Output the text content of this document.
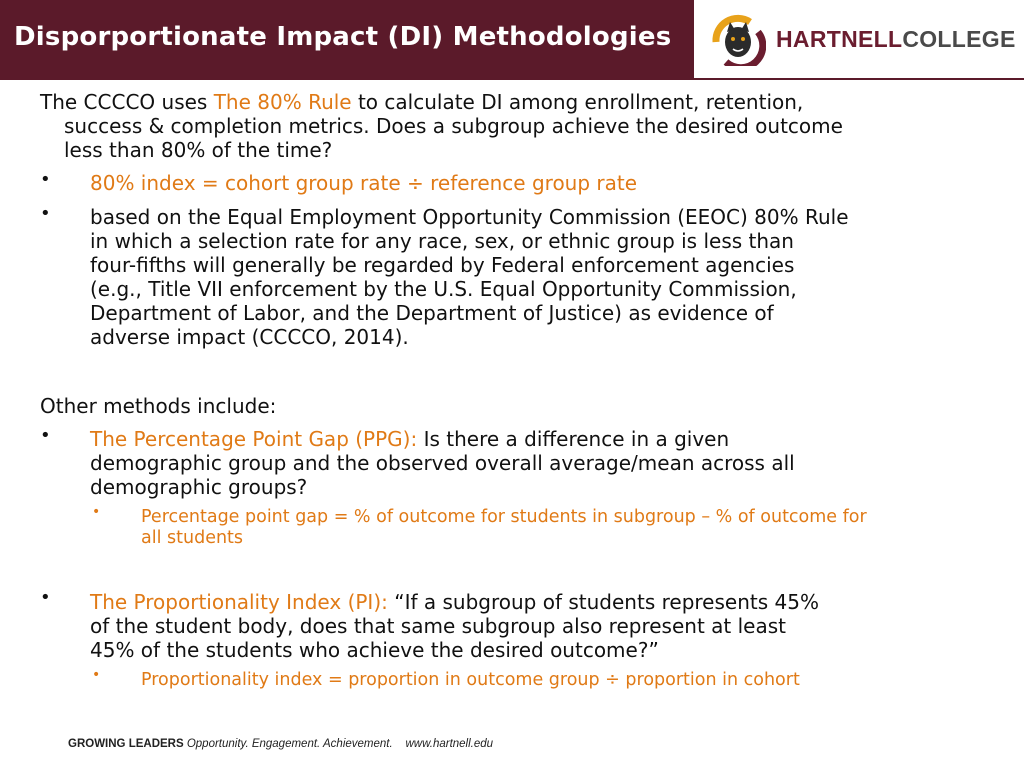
Disporportionate Impact (DI) Methodologies	HARTNELLCOLLEGE
The CCCCO uses The 80% Rule to calculate DI among enrollment, retention,
success & completion metrics. Does a subgroup achieve the desired outcome
less than 80% of the time?
• 80% index = cohort group rate ÷ reference group rate
• based on the Equal Employment Opportunity Commission (EEOC) 80% Rule
in which a selection rate for any race, sex, or ethnic group is less than
four-fifths will generally be regarded by Federal enforcement agencies
(e.g., Title VII enforcement by the U.S. Equal Opportunity Commission,
Department of Labor, and the Department of Justice) as evidence of
adverse impact (CCCCO, 2014).
Other methods include:
• The Percentage Point Gap (PPG): Is there a difference in a given
demographic group and the observed overall average/mean across all
demographic groups?
• Percentage point gap = % of outcome for students in subgroup – % of outcome for
all students
• The Proportionality Index (PI): “If a subgroup of students represents 45%
of the student body, does that same subgroup also represent at least
45% of the students who achieve the desired outcome?”
• Proportionality index = proportion in outcome group ÷ proportion in cohort
GROWING LEADERS Opportunity. Engagement. Achievement. www.hartnell.edu
